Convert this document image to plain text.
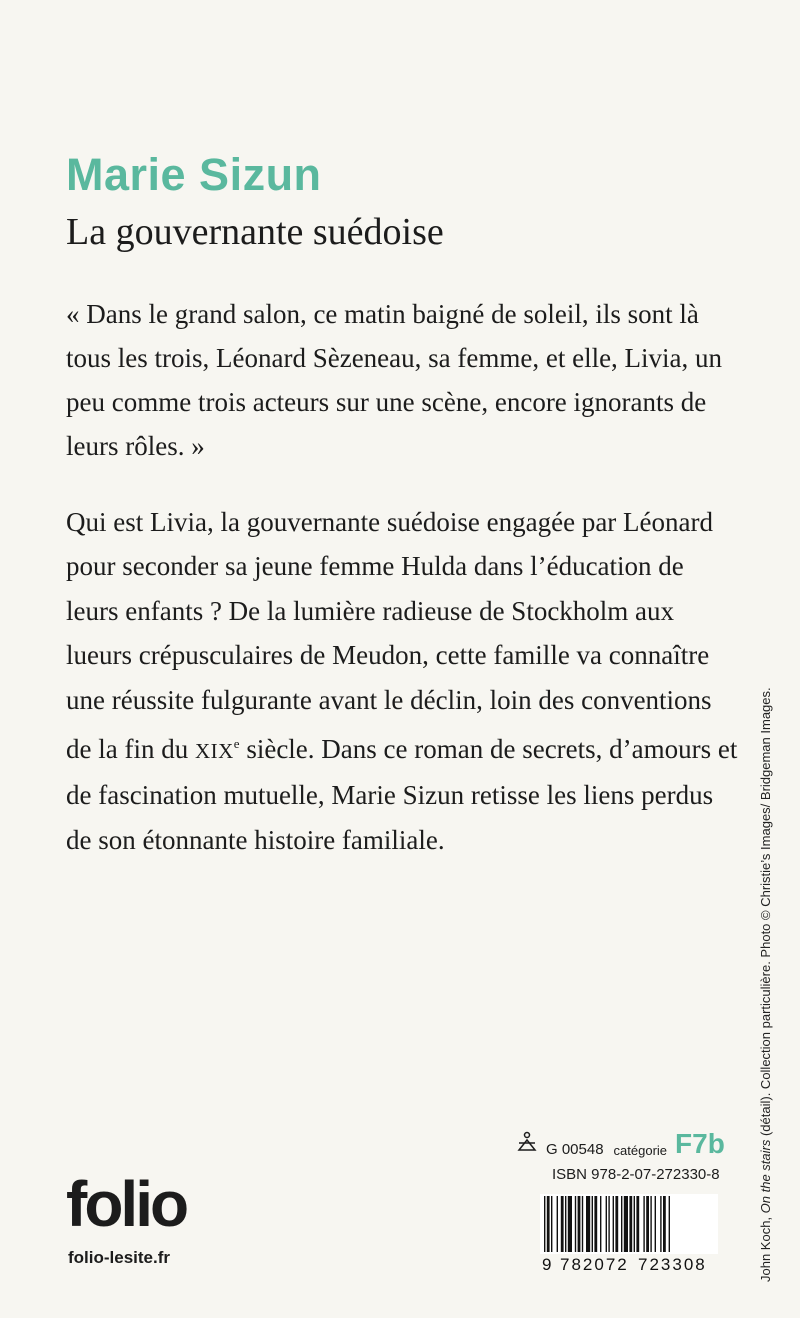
Marie Sizun
La gouvernante suédoise

« Dans le grand salon, ce matin baigné de soleil, ils sont là tous les trois, Léonard Sèzeneau, sa femme, et elle, Livia, un peu comme trois acteurs sur une scène, encore ignorants de leurs rôles. »

Qui est Livia, la gouvernante suédoise engagée par Léonard pour seconder sa jeune femme Hulda dans l’éducation de leurs enfants ? De la lumière radieuse de Stockholm aux lueurs crépusculaires de Meudon, cette famille va connaître une réussite fulgurante avant le déclin, loin des conventions de la fin du XIXe siècle. Dans ce roman de secrets, d’amours et de fascination mutuelle, Marie Sizun retisse les liens perdus de son étonnante histoire familiale.

John Koch, On the stairs (détail). Collection particulière. Photo © Christie’s Images/ Bridgeman Images.
G 00548 catégorie F7b
ISBN 978-2-07-272330-8
folio
folio-lesite.fr	9 782072 723308
